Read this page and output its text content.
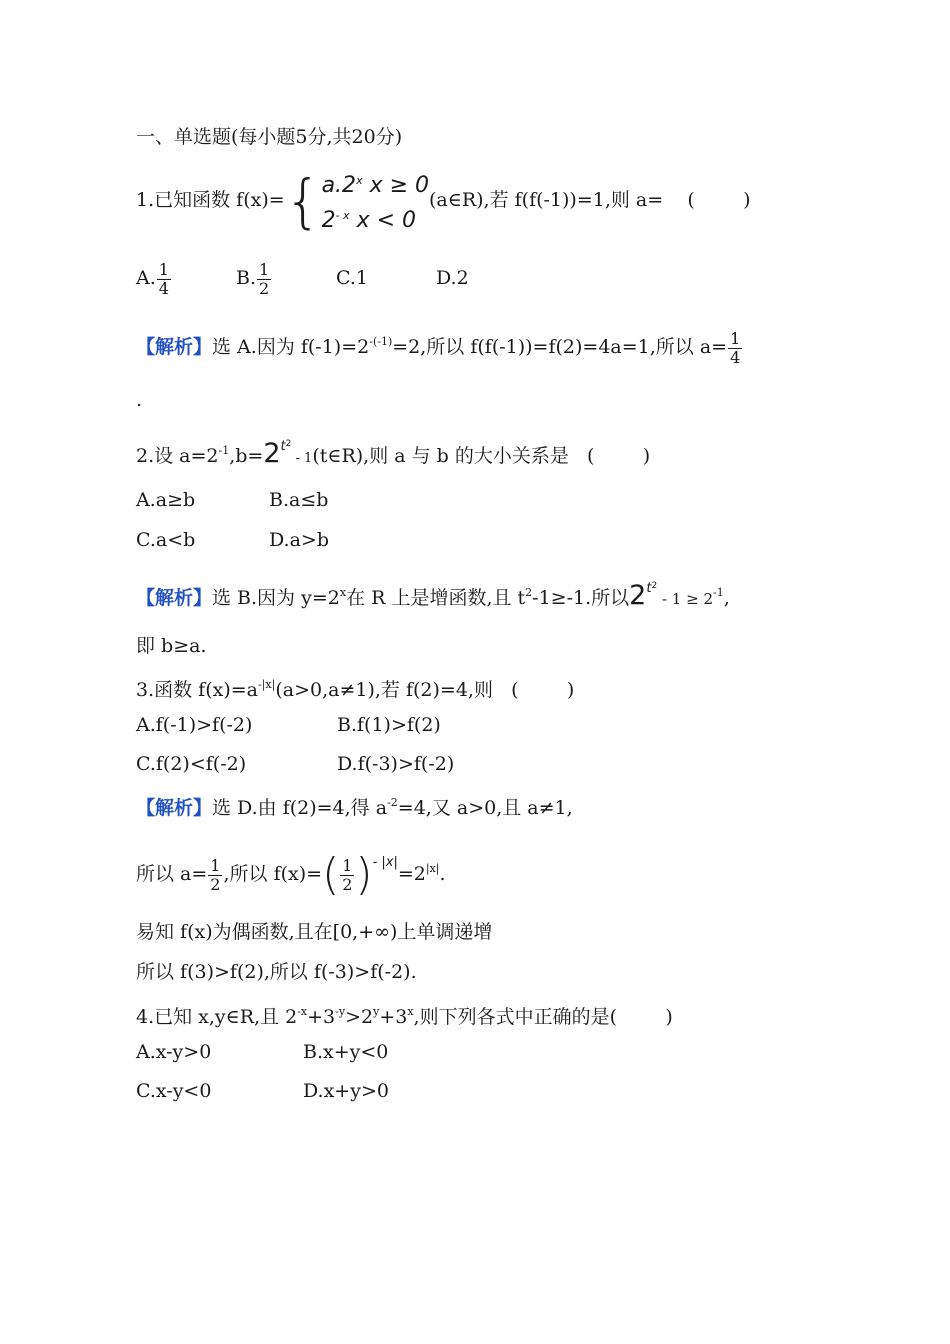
一、单选题(每小题5分,共20分)
1.已知函数 f(x)={ a.2$^x$ x ≥ 0
$2^{- x}$ x < 0
(a∈R),若 f(f(-1))=1,则 a= (        )
A. $\frac{1}{4}$	B. $\frac{1}{2}$	C.1	D.2
【解析】选 A.因为 $f(-1)=2^{-(-1)}=2$,所以 f(f(-1))=f(2)=4a=1,所以 $a= \frac{1}{4}$
.
2.设 $a=2^{-1},b=2^{t^2}$ - 1(t∈R),则 a 与 b 的大小关系是 (        )
A.a≥b	B.a≤b
C.a<b	D.a>b
【解析】选 B.因为 $y=2^x$在 R 上是增函数,且 $t^2-1\ge-1$.所以$2^{t^2} - 1 \ge 2^{-1}$,
即 b≥a.
3.函数 $f(x)=a^{-|x|}(a>0,a\ne 1)$,若 f(2)=4,则 (        )
A.f(-1)>f(-2)	B.f(1)>f(2)
C.f(2)<f(-2)	D.f(-3)>f(-2)
【解析】选 D.由 f(2)=4,得 $a^{-2}=4$,又 a>0,且 a≠1,
所以 $a= \frac{1}{2}$ ,所以 $f(x)=( \frac{1}{2} )^{- |x|}=2^{|x|}$.
易知 f(x)为偶函数,且在[0,+∞)上单调递增
所以 f(3)>f(2),所以 f(-3)>f(-2).
4.已知 x,y∈R,且 $2^{-x}+3^{-y}>2^y+3^x$,则下列各式中正确的是(        )
A.x-y>0	B.x+y<0
C.x-y<0	D.x+y>0
